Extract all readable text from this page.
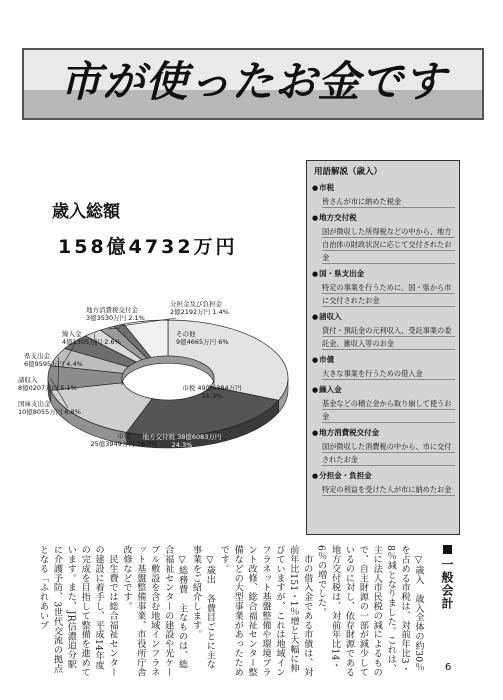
市が使ったお金です
歳入総額
158億4732万円
市税 49億6384万円
31.3%
地方交付税 38億6083万円
24.3%
市債
25億3949万円 16.0%
国庫支出金
10億8055万円 6.8%
諸収入
8億0207万円 5.1%
県支出金
6億9595万円 4.4%
繰入金
4億1305万円 2.6%
地方消費税交付金
3億3530万円 2.1%
分担金及び負担金
2億2192万円 1.4%
その他
9億4665万円 6%
用語解説（歳入）
●市税
皆さんが市に納めた税金
●地方交付税
国が徴収した所得税などの中から、地方自治体の財政状況に応じて交付されたお金
●国・県支出金
特定の事業を行うために、国・県から市に交付されたお金
●諸収入
貸付・預託金の元利収入、受託事業の委託金、雑収入等のお金
●市債
大きな事業を行うための借入金
●繰入金
基金などの積立金から取り崩して使うお金
●地方消費税交付金
国が徴収した消費税の中から、市に交付されたお金
●分担金・負担金
特定の利益を受けた人が市に納めたお金
一般会計

　▽歳入　歳入全体の約30％を占める市税は、対前年比3・8％減となりました。これは、主に法人市民税の減によるもので、自主財源の一部が減少しているのに対し、依存財源である地方交付税は、対前年比14・6％の増でした。

　市の借入金である市債は、対前年比151・1％増と大幅に伸びていますが、これは地域インフラネット基盤整備や環境プラント改修、総合福祉センター整備などの大型事業があったためです。

　▽歳出　各費目ごとに主な事業をご紹介します。

　▽総務費　主なものは、総合福祉センターの建設や光ケーブル敷設を含む地域インフラネット基盤整備事業、市役所庁舎改修などです。

　民生費では総合福祉センターの建設に着手し、平成14年度の完成を目指して整備を進めています。また、JR信濃追分駅に介護予防、3世代交流の拠点となる「ふれあいプ

6
